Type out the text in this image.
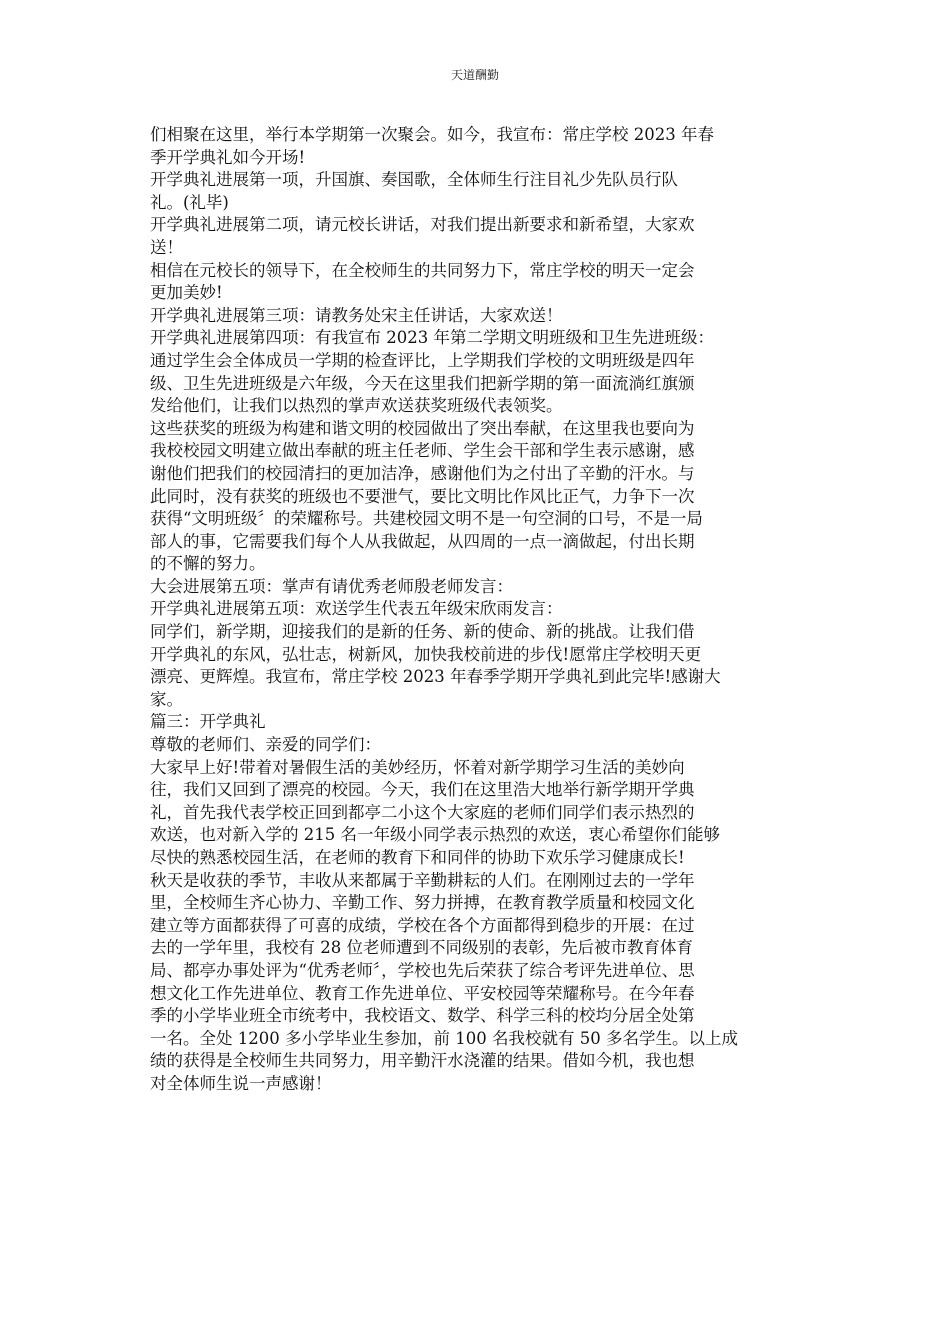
天道酬勤

们相聚在这里，举行本学期第一次聚会。如今，我宣布：常庄学校 2023 年春

季开学典礼如今开场!

开学典礼进展第一项，升国旗、奏国歌，全体师生行注目礼少先队员行队

礼。(礼毕)

开学典礼进展第二项，请元校长讲话，对我们提出新要求和新希望，大家欢

送！

相信在元校长的领导下，在全校师生的共同努力下，常庄学校的明天一定会

更加美妙!

开学典礼进展第三项：请教务处宋主任讲话，大家欢送！

开学典礼进展第四项：有我宣布 2023 年第二学期文明班级和卫生先进班级：

通过学生会全体成员一学期的检查评比，上学期我们学校的文明班级是四年

级、卫生先进班级是六年级，今天在这里我们把新学期的第一面流淌红旗颁

发给他们，让我们以热烈的掌声欢送获奖班级代表领奖。

这些获奖的班级为构建和谐文明的校园做出了突出奉献，在这里我也要向为

我校校园文明建立做出奉献的班主任老师、学生会干部和学生表示感谢，感

谢他们把我们的校园清扫的更加洁净，感谢他们为之付出了辛勤的汗水。与

此同时，没有获奖的班级也不要泄气，要比文明比作风比正气，力争下一次

获得“文明班级〞的荣耀称号。共建校园文明不是一句空洞的口号，不是一局

部人的事，它需要我们每个人从我做起，从四周的一点一滴做起，付出长期

的不懈的努力。

大会进展第五项：掌声有请优秀老师殷老师发言：

开学典礼进展第五项：欢送学生代表五年级宋欣雨发言：

同学们，新学期，迎接我们的是新的任务、新的使命、新的挑战。让我们借

开学典礼的东风，弘壮志，树新风，加快我校前进的步伐!愿常庄学校明天更

漂亮、更辉煌。我宣布，常庄学校 2023 年春季学期开学典礼到此完毕!感谢大

家。

篇三：开学典礼

尊敬的老师们、亲爱的同学们：

大家早上好!带着对暑假生活的美妙经历，怀着对新学期学习生活的美妙向

往，我们又回到了漂亮的校园。今天，我们在这里浩大地举行新学期开学典

礼，首先我代表学校正回到都亭二小这个大家庭的老师们同学们表示热烈的

欢送，也对新入学的 215 名一年级小同学表示热烈的欢送，衷心希望你们能够

尽快的熟悉校园生活，在老师的教育下和同伴的协助下欢乐学习健康成长!

秋天是收获的季节，丰收从来都属于辛勤耕耘的人们。在刚刚过去的一学年

里，全校师生齐心协力、辛勤工作、努力拼搏，在教育教学质量和校园文化

建立等方面都获得了可喜的成绩，学校在各个方面都得到稳步的开展：在过

去的一学年里，我校有 28 位老师遭到不同级别的表彰，先后被市教育体育

局、都亭办事处评为“优秀老师〞，学校也先后荣获了综合考评先进单位、思

想文化工作先进单位、教育工作先进单位、平安校园等荣耀称号。在今年春

季的小学毕业班全市统考中，我校语文、数学、科学三科的校均分居全处第

一名。全处 1200 多小学毕业生参加，前 100 名我校就有 50 多名学生。以上成

绩的获得是全校师生共同努力，用辛勤汗水浇灌的结果。借如今机，我也想

对全体师生说一声感谢！
